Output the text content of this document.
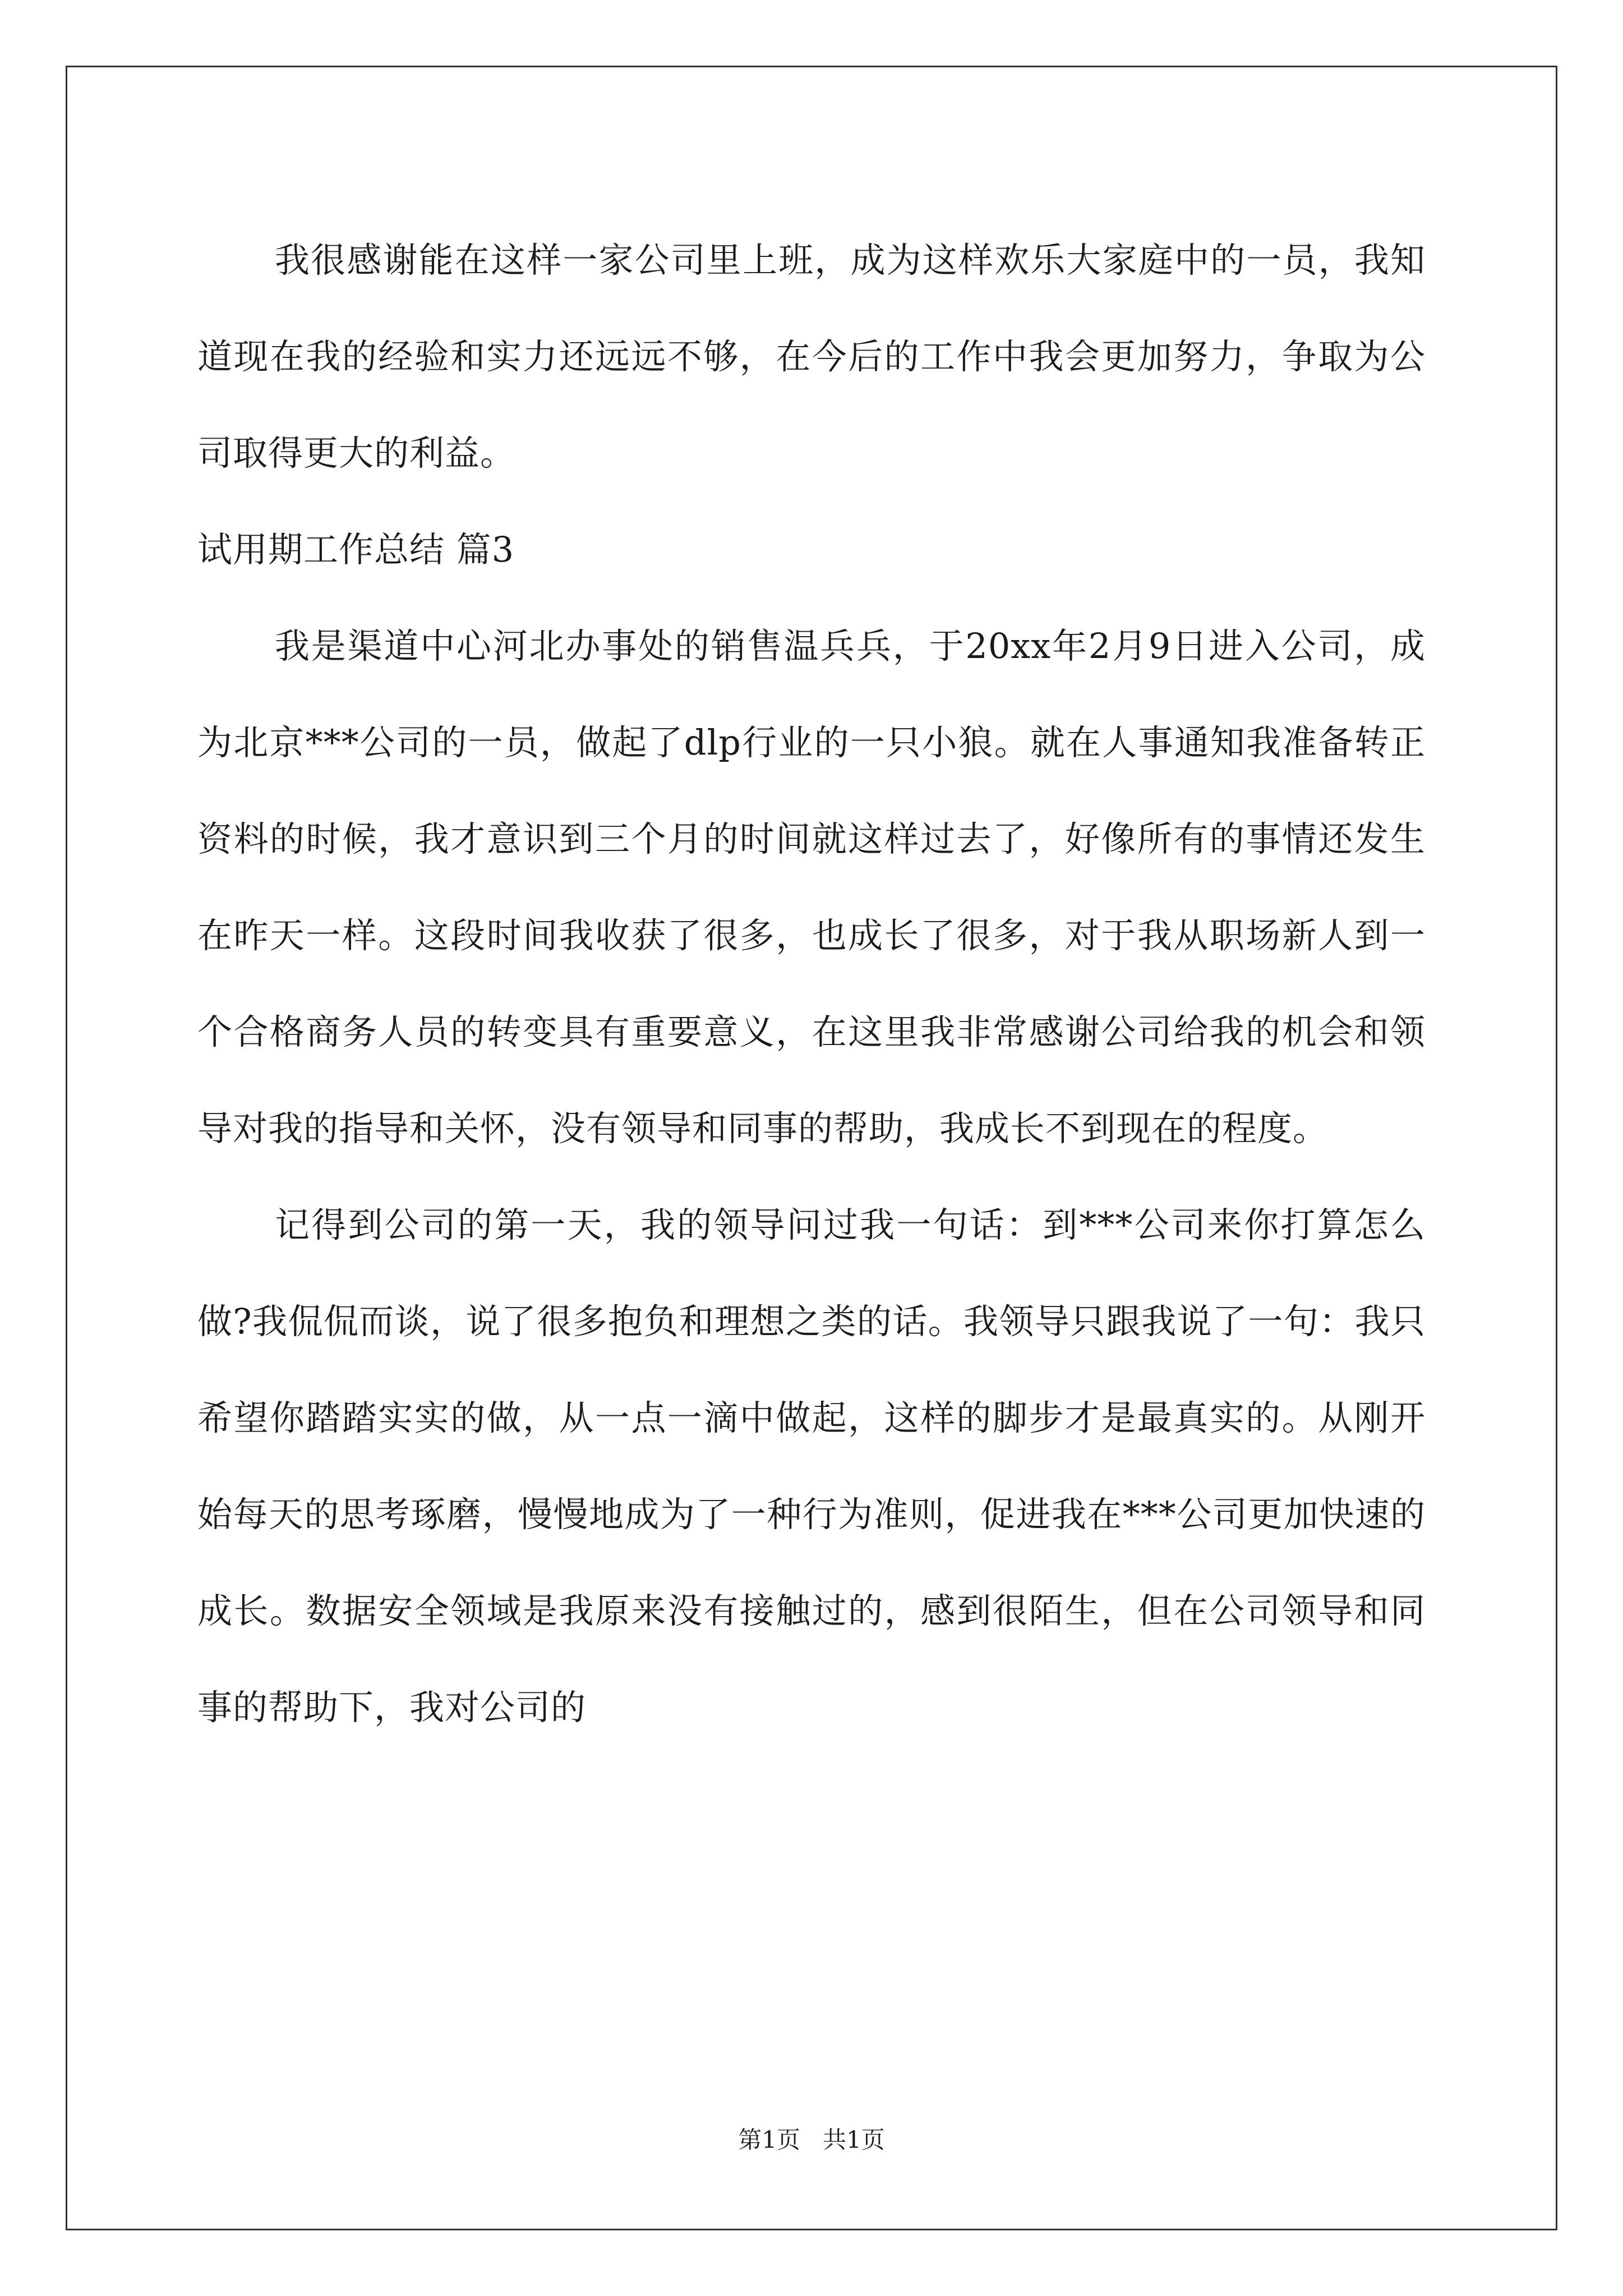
我很感谢能在这样一家公司里上班，成为这样欢乐大家庭中的一员，我知道现在我的经验和实力还远远不够，在今后的工作中我会更加努力，争取为公司取得更大的利益。

试用期工作总结 篇3

我是渠道中心河北办事处的销售温兵兵，于20xx年2月9日进入公司，成为北京***公司的一员，做起了dlp行业的一只小狼。就在人事通知我准备转正资料的时候，我才意识到三个月的时间就这样过去了，好像所有的事情还发生在昨天一样。这段时间我收获了很多，也成长了很多，对于我从职场新人到一个合格商务人员的转变具有重要意义，在这里我非常感谢公司给我的机会和领导对我的指导和关怀，没有领导和同事的帮助，我成长不到现在的程度。

记得到公司的第一天，我的领导问过我一句话：到***公司来你打算怎么做?我侃侃而谈，说了很多抱负和理想之类的话。我领导只跟我说了一句：我只希望你踏踏实实的做，从一点一滴中做起，这样的脚步才是最真实的。从刚开始每天的思考琢磨，慢慢地成为了一种行为准则，促进我在***公司更加快速的成长。数据安全领域是我原来没有接触过的，感到很陌生，但在公司领导和同事的帮助下，我对公司的

第1页 共1页
